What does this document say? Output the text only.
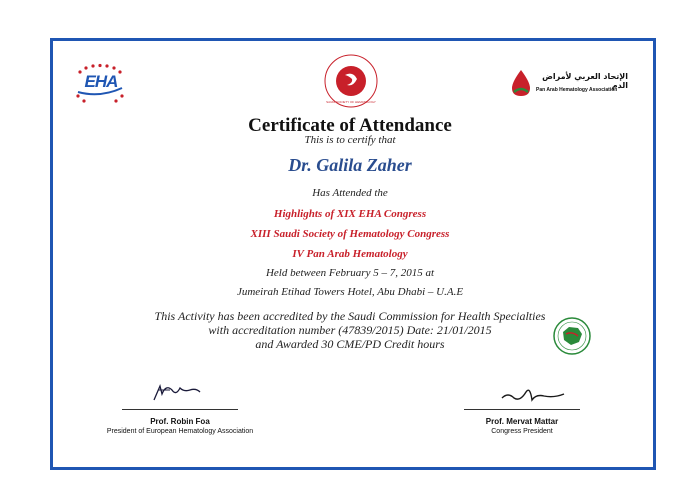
EHA
SAUDI SOCIETY OF HEMATOLOGY
الإتحاد العربي لأمراض الدم
Pan Arab Hematology Association
Certificate of Attendance
This is to certify that
Dr. Galila Zaher
Has Attended the
Highlights of XIX EHA Congress
XIII Saudi Society of Hematology Congress
IV Pan Arab Hematology
Held between February 5 – 7, 2015 at
Jumeirah Etihad Towers Hotel, Abu Dhabi – U.A.E
This Activity has been accredited by the Saudi Commission for Health Specialties
with accreditation number (47839/2015) Date: 21/01/2015
and Awarded 30 CME/PD Credit hours
Prof. Robin Foa
President of European Hematology Association
Prof. Mervat Mattar
Congress President
